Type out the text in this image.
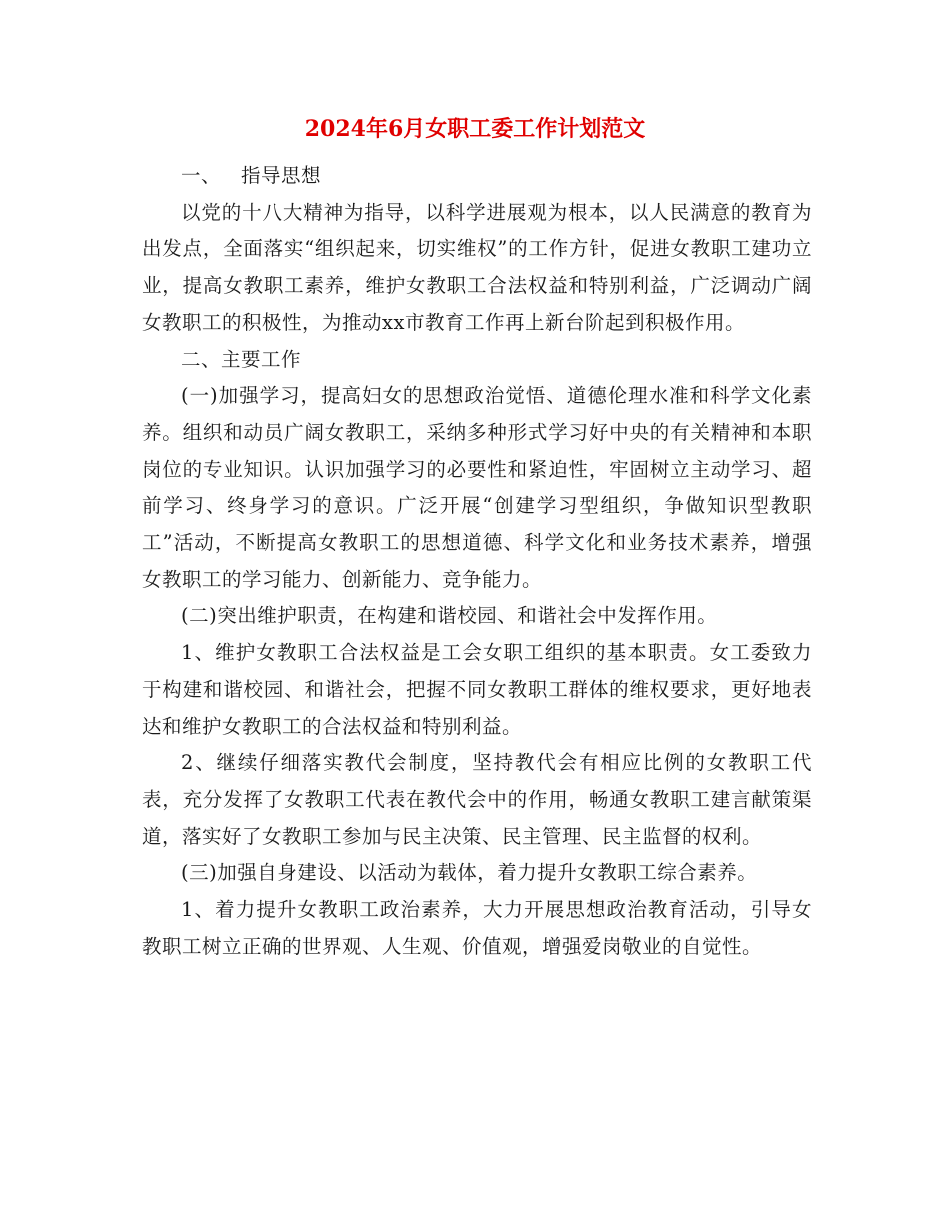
2024年6月女职工委工作计划范文

一、 指导思想

以党的十八大精神为指导，以科学进展观为根本，以人民满意的教育为出发点，全面落实“组织起来，切实维权”的工作方针，促进女教职工建功立业，提高女教职工素养，维护女教职工合法权益和特别利益，广泛调动广阔女教职工的积极性，为推动xx市教育工作再上新台阶起到积极作用。

二、主要工作

(一)加强学习，提高妇女的思想政治觉悟、道德伦理水准和科学文化素养。组织和动员广阔女教职工，采纳多种形式学习好中央的有关精神和本职岗位的专业知识。认识加强学习的必要性和紧迫性，牢固树立主动学习、超前学习、终身学习的意识。广泛开展“创建学习型组织，争做知识型教职工”活动，不断提高女教职工的思想道德、科学文化和业务技术素养，增强女教职工的学习能力、创新能力、竞争能力。

(二)突出维护职责，在构建和谐校园、和谐社会中发挥作用。

1、维护女教职工合法权益是工会女职工组织的基本职责。女工委致力于构建和谐校园、和谐社会，把握不同女教职工群体的维权要求，更好地表达和维护女教职工的合法权益和特别利益。

2、继续仔细落实教代会制度，坚持教代会有相应比例的女教职工代表，充分发挥了女教职工代表在教代会中的作用，畅通女教职工建言献策渠道，落实好了女教职工参加与民主决策、民主管理、民主监督的权利。

(三)加强自身建设、以活动为载体，着力提升女教职工综合素养。

1、着力提升女教职工政治素养，大力开展思想政治教育活动，引导女教职工树立正确的世界观、人生观、价值观，增强爱岗敬业的自觉性。
